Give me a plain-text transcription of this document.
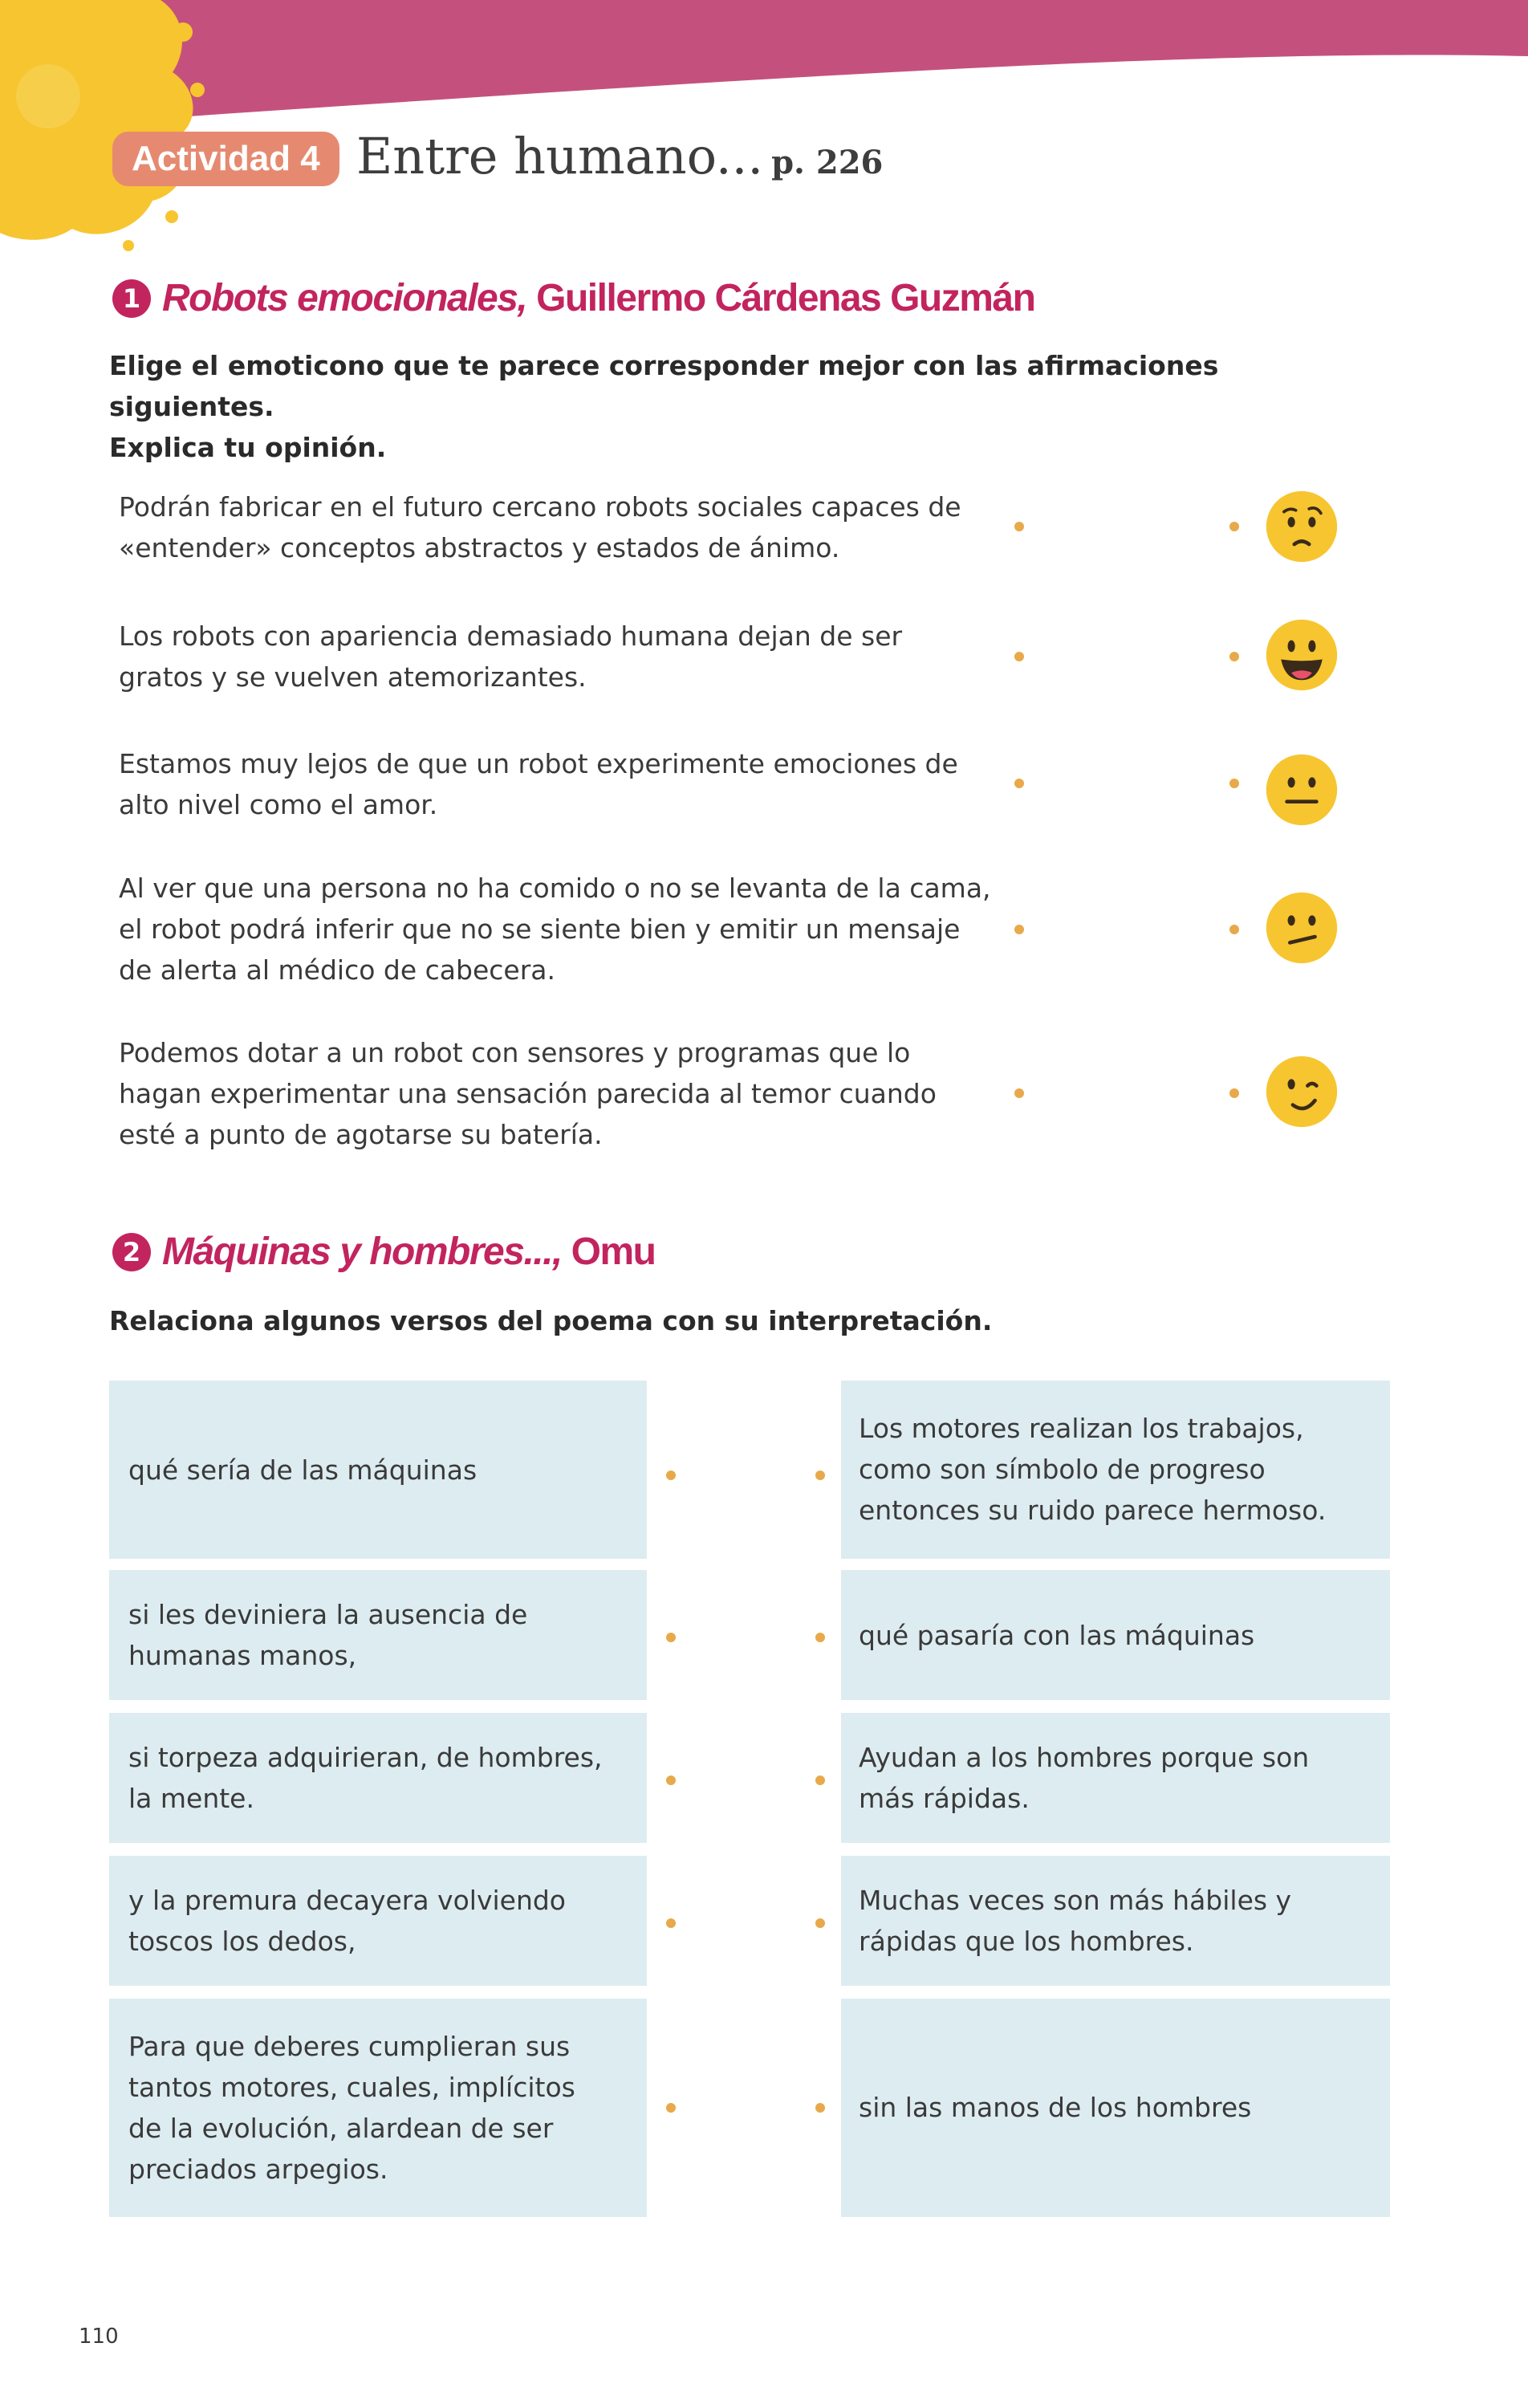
Actividad 4 Entre humano... p. 226
1 Robots emocionales, Guillermo Cárdenas Guzmán
Elige el emoticono que te parece corresponder mejor con las afirmaciones siguientes.
Explica tu opinión.
Podrán fabricar en el futuro cercano robots sociales capaces de
«entender» conceptos abstractos y estados de ánimo.
Los robots con apariencia demasiado humana dejan de ser
gratos y se vuelven atemorizantes.
Estamos muy lejos de que un robot experimente emociones de
alto nivel como el amor.
Al ver que una persona no ha comido o no se levanta de la cama,
el robot podrá inferir que no se siente bien y emitir un mensaje
de alerta al médico de cabecera.
Podemos dotar a un robot con sensores y programas que lo
hagan experimentar una sensación parecida al temor cuando
esté a punto de agotarse su batería.
2 Máquinas y hombres..., Omu
Relaciona algunos versos del poema con su interpretación.
qué sería de las máquinas
si les deviniera la ausencia de
humanas manos,
si torpeza adquirieran, de hombres,
la mente.
y la premura decayera volviendo
toscos los dedos,
Para que deberes cumplieran sus
tantos motores, cuales, implícitos
de la evolución, alardean de ser
preciados arpegios.
Los motores realizan los trabajos,
como son símbolo de progreso
entonces su ruido parece hermoso.
qué pasaría con las máquinas
Ayudan a los hombres porque son
más rápidas.
Muchas veces son más hábiles y
rápidas que los hombres.
sin las manos de los hombres
110
